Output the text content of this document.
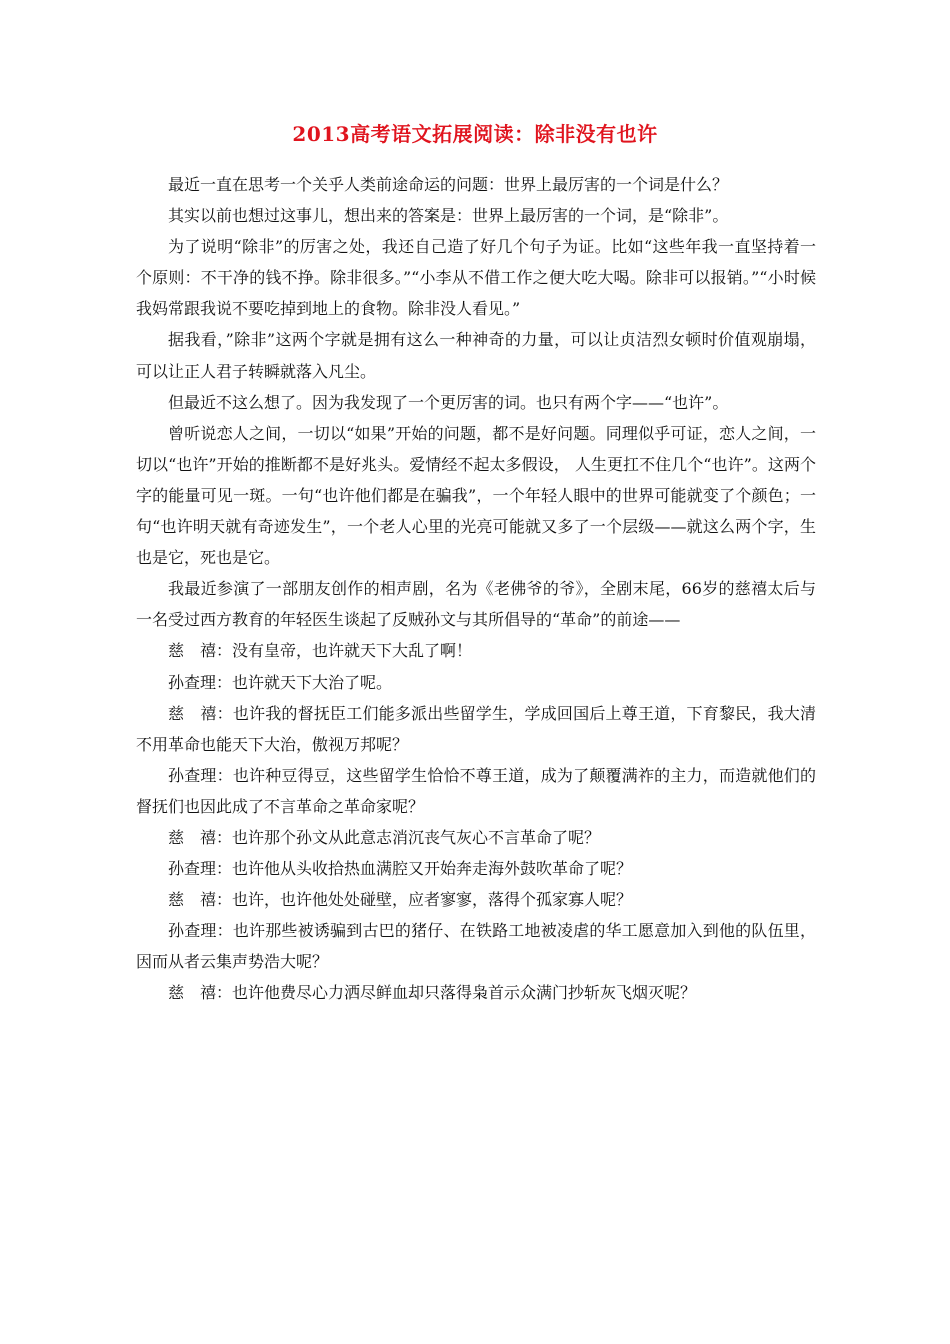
2013高考语文拓展阅读：除非没有也许

最近一直在思考一个关乎人类前途命运的问题：世界上最厉害的一个词是什么？

其实以前也想过这事儿，想出来的答案是：世界上最厉害的一个词，是“除非”。

为了说明“除非”的厉害之处，我还自己造了好几个句子为证。比如“这些年我一直坚持着一个原则：不干净的钱不挣。除非很多。”“小李从不借工作之便大吃大喝。除非可以报销。”“小时候我妈常跟我说不要吃掉到地上的食物。除非没人看见。”

据我看，”除非”这两个字就是拥有这么一种神奇的力量，可以让贞洁烈女顿时价值观崩塌，可以让正人君子转瞬就落入凡尘。

但最近不这么想了。因为我发现了一个更厉害的词。也只有两个字——“也许”。

曾听说恋人之间，一切以“如果”开始的问题，都不是好问题。同理似乎可证，恋人之间，一切以“也许”开始的推断都不是好兆头。爱情经不起太多假设， 人生更扛不住几个“也许”。这两个字的能量可见一斑。一句“也许他们都是在骗我”，一个年轻人眼中的世界可能就变了个颜色；一句“也许明天就有奇迹发生”，一个老人心里的光亮可能就又多了一个层级——就这么两个字，生也是它，死也是它。

我最近参演了一部朋友创作的相声剧，名为《老佛爷的爷》，全剧末尾，66岁的慈禧太后与一名受过西方教育的年轻医生谈起了反贼孙文与其所倡导的“革命”的前途——

慈　禧：没有皇帝，也许就天下大乱了啊！

孙查理：也许就天下大治了呢。

慈　禧：也许我的督抚臣工们能多派出些留学生，学成回国后上尊王道，下育黎民，我大清不用革命也能天下大治，傲视万邦呢？

孙查理：也许种豆得豆，这些留学生恰恰不尊王道，成为了颠覆满祚的主力，而造就他们的督抚们也因此成了不言革命之革命家呢？

慈　禧：也许那个孙文从此意志消沉丧气灰心不言革命了呢？

孙查理：也许他从头收拾热血满腔又开始奔走海外鼓吹革命了呢？

慈　禧：也许，也许他处处碰壁，应者寥寥，落得个孤家寡人呢？

孙查理：也许那些被诱骗到古巴的猪仔、在铁路工地被凌虐的华工愿意加入到他的队伍里，因而从者云集声势浩大呢？

慈　禧：也许他费尽心力洒尽鲜血却只落得枭首示众满门抄斩灰飞烟灭呢？
